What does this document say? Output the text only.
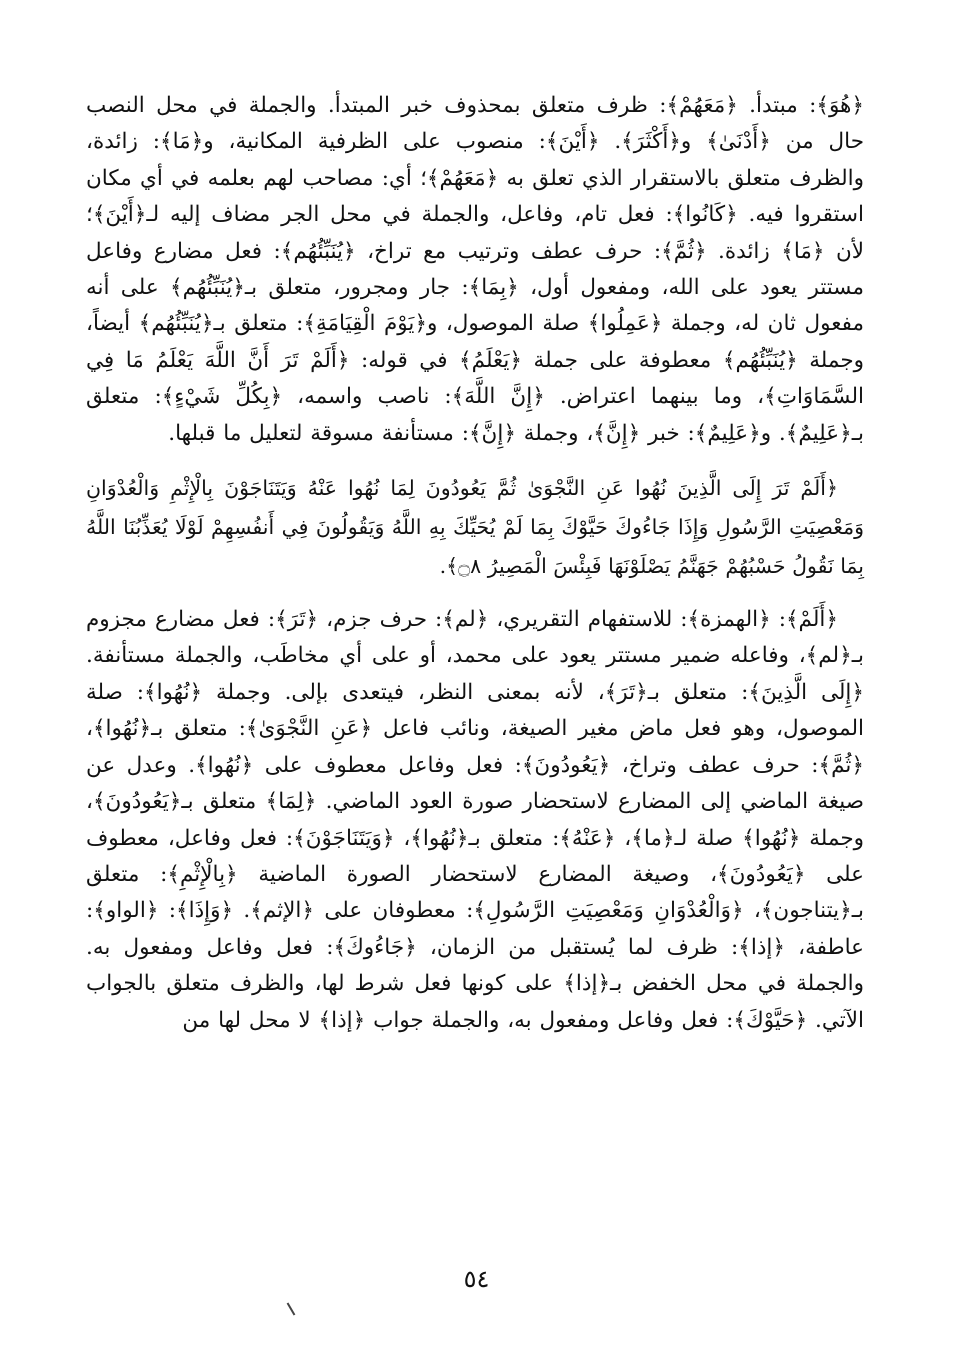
﴿هُوَ﴾: مبتدأ. ﴿مَعَهُمْ﴾: ظرف متعلق بمحذوف خبر المبتدأ. والجملة في محل النصب حال من ﴿أَدْنَىٰ﴾ و﴿أَكْثَرَ﴾. ﴿أَيْنَ﴾: منصوب على الظرفية المكانية، و﴿مَا﴾: زائدة، والظرف متعلق بالاستقرار الذي تعلق به ﴿مَعَهُمْ﴾؛ أي: مصاحب لهم بعلمه في أي مكان استقروا فيه. ﴿كَانُوا﴾: فعل تام، وفاعل، والجملة في محل الجر مضاف إليه لـ﴿أَيْنَ﴾؛ لأن ﴿مَا﴾ زائدة. ﴿ثُمَّ﴾: حرف عطف وترتيب مع تراخ، ﴿يُنَبِّئُهُم﴾: فعل مضارع وفاعل مستتر يعود على الله، ومفعول أول، ﴿بِمَا﴾: جار ومجرور، متعلق بـ﴿يُنَبِّئُهُم﴾ على أنه مفعول ثان له، وجملة ﴿عَمِلُوا﴾ صلة الموصول، و﴿يَوْمَ الْقِيَامَةِ﴾: متعلق بـ﴿يُنَبِّئُهُم﴾ أيضاً، وجملة ﴿يُنَبِّئُهُم﴾ معطوفة على جملة ﴿يَعْلَمُ﴾ في قوله: ﴿أَلَمْ تَرَ أَنَّ اللَّهَ يَعْلَمُ مَا فِي السَّمَاوَاتِ﴾، وما بينهما اعتراض. ﴿إِنَّ اللَّهَ﴾: ناصب واسمه، ﴿بِكُلِّ شَيْءٍ﴾: متعلق بـ﴿عَلِيمٌ﴾. و﴿عَلِيمٌ﴾: خبر ﴿إِنَّ﴾، وجملة ﴿إِنَّ﴾: مستأنفة مسوقة لتعليل ما قبلها.

﴿أَلَمْ تَرَ إِلَى الَّذِينَ نُهُوا عَنِ النَّجْوَىٰ ثُمَّ يَعُودُونَ لِمَا نُهُوا عَنْهُ وَيَتَنَاجَوْنَ بِالْإِثْمِ وَالْعُدْوَانِ وَمَعْصِيَتِ الرَّسُولِ وَإِذَا جَاءُوكَ حَيَّوْكَ بِمَا لَمْ يُحَيِّكَ بِهِ اللَّهُ وَيَقُولُونَ فِي أَنفُسِهِمْ لَوْلَا يُعَذِّبُنَا اللَّهُ بِمَا نَقُولُ حَسْبُهُمْ جَهَنَّمُ يَصْلَوْنَهَا فَبِئْسَ الْمَصِيرُ ۝٨﴾.

﴿أَلَمْ﴾: ﴿الهمزة﴾: للاستفهام التقريري، ﴿لم﴾: حرف جزم، ﴿تَرَ﴾: فعل مضارع مجزوم بـ﴿لم﴾، وفاعله ضمير مستتر يعود على محمد، أو على أي مخاطَب، والجملة مستأنفة. ﴿إِلَى الَّذِينَ﴾: متعلق بـ﴿تَرَ﴾، لأنه بمعنى النظر، فيتعدى بإلى. وجملة ﴿نُهُوا﴾: صلة الموصول، وهو فعل ماض مغير الصيغة، ونائب فاعل ﴿عَنِ النَّجْوَىٰ﴾: متعلق بـ﴿نُهُوا﴾، ﴿ثُمَّ﴾: حرف عطف وتراخ، ﴿يَعُودُونَ﴾: فعل وفاعل معطوف على ﴿نُهُوا﴾. وعدل عن صيغة الماضي إلى المضارع لاستحضار صورة العود الماضي. ﴿لِمَا﴾ متعلق بـ﴿يَعُودُونَ﴾، وجملة ﴿نُهُوا﴾ صلة لـ﴿ما﴾، ﴿عَنْهُ﴾: متعلق بـ﴿نُهُوا﴾، ﴿وَيَتَنَاجَوْنَ﴾: فعل وفاعل، معطوف على ﴿يَعُودُونَ﴾، وصيغة المضارع لاستحضار الصورة الماضية ﴿بِالْإِثْمِ﴾: متعلق بـ﴿يتناجون﴾، ﴿وَالْعُدْوَانِ وَمَعْصِيَتِ الرَّسُولِ﴾: معطوفان على ﴿الإثم﴾. ﴿وَإِذَا﴾: ﴿الواو﴾: عاطفة، ﴿إذا﴾: ظرف لما يُستقبل من الزمان، ﴿جَاءُوكَ﴾: فعل وفاعل ومفعول به. والجملة في محل الخفض بـ﴿إذا﴾ على كونها فعل شرط لها، والظرف متعلق بالجواب الآتي. ﴿حَيَّوْكَ﴾: فعل وفاعل ومفعول به، والجملة جواب ﴿إذا﴾ لا محل لها من

٥٤
